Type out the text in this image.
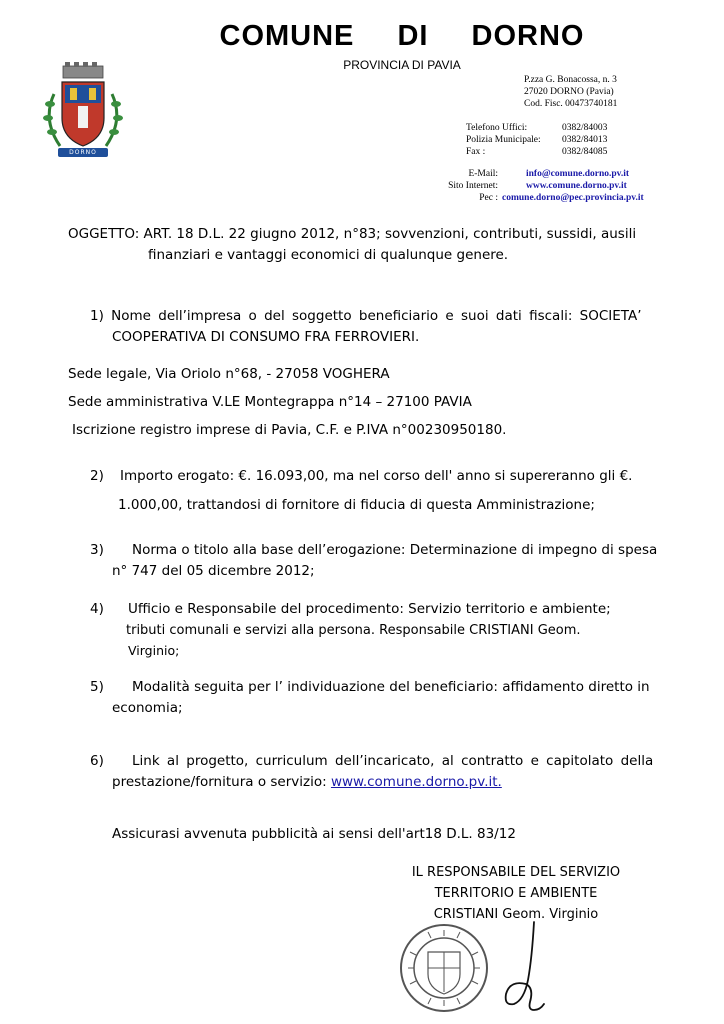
DORNO
COMUNE DI DORNO
PROVINCIA DI PAVIA
P.zza G. Bonacossa, n. 3
27020 DORNO (Pavia)
Cod. Fisc. 00473740181
Telefono Uffici:	0382/84003
Polizia Municipale: 0382/84013
Fax :	0382/84085
E-Mail:	info@comune.dorno.pv.it
Sito Internet:	www.comune.dorno.pv.it
Pec : comune.dorno@pec.provincia.pv.it
OGGETTO: ART. 18 D.L. 22 giugno 2012, n°83; sovvenzioni, contributi, sussidi, ausili
finanziari e vantaggi economici di qualunque genere.
1) Nome dell’impresa o del soggetto beneficiario e suoi dati fiscali: SOCIETA’
COOPERATIVA DI CONSUMO FRA FERROVIERI.
Sede legale, Via Oriolo n°68, - 27058 VOGHERA
Sede amministrativa V.LE Montegrappa n°14 – 27100 PAVIA
Iscrizione registro imprese di Pavia, C.F. e P.IVA n°00230950180.
2) Importo erogato: €. 16.093,00, ma nel corso dell' anno si supereranno gli €.
1.000,00, trattandosi di fornitore di fiducia di questa Amministrazione;
3) Norma o titolo alla base dell’erogazione: Determinazione di impegno di spesa
n° 747 del 05 dicembre 2012;
4) Ufficio e Responsabile del procedimento: Servizio territorio e ambiente;
tributi comunali e servizi alla persona. Responsabile CRISTIANI Geom.
Virginio;
5) Modalità seguita per l’ individuazione del beneficiario: affidamento diretto in
economia;
6) Link al progetto, curriculum dell’incaricato, al contratto e capitolato della
prestazione/fornitura o servizio: www.comune.dorno.pv.it.
Assicurasi avvenuta pubblicità ai sensi dell'art18 D.L. 83/12
IL RESPONSABILE DEL SERVIZIO
TERRITORIO E AMBIENTE
CRISTIANI Geom. Virginio
